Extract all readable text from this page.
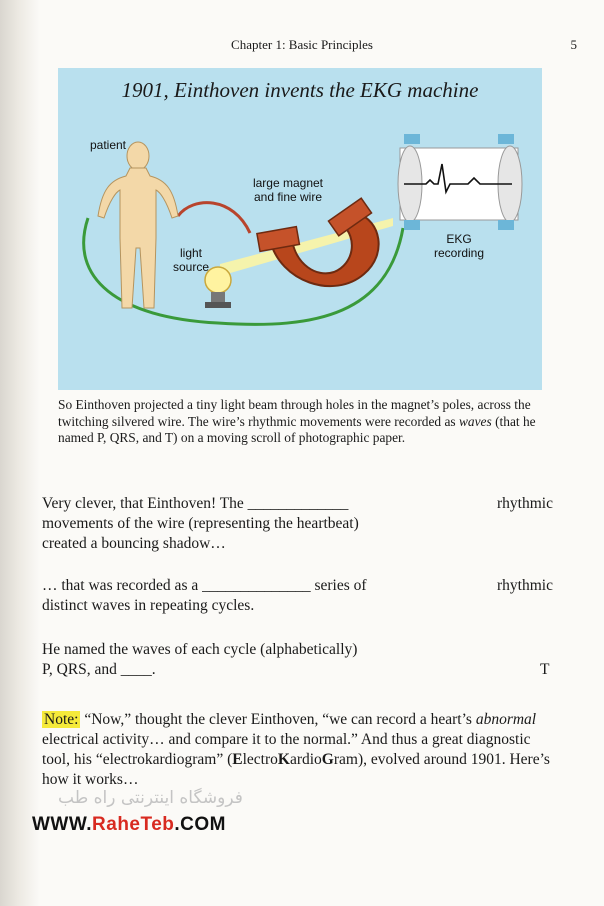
Chapter 1: Basic Principles	5
1901, Einthoven invents the EKG machine
patient
large magnet
and fine wire
light
source
EKG
recording
So Einthoven projected a tiny light beam through holes in the magnet’s poles, across the twitching silvered wire. The wire’s rhythmic movements were recorded as waves (that he named P, QRS, and T) on a moving scroll of photographic paper.
Very clever, that Einthoven! The _____________ movements of the wire (representing the heartbeat) created a bouncing shadow…
rhythmic
… that was recorded as a ______________ series of distinct waves in repeating cycles.
rhythmic
He named the waves of each cycle (alphabetically) P, QRS, and ____.	T
Note: “Now,” thought the clever Einthoven, “we can record a heart’s abnormal electrical activity… and compare it to the normal.” And thus a great diagnostic tool, his “electrokardiogram” (ElectroKardioGram), evolved around 1901. Here’s how it works…
فروشگاه اینترنتی راه طب
WWW.RaheTeb.COM
